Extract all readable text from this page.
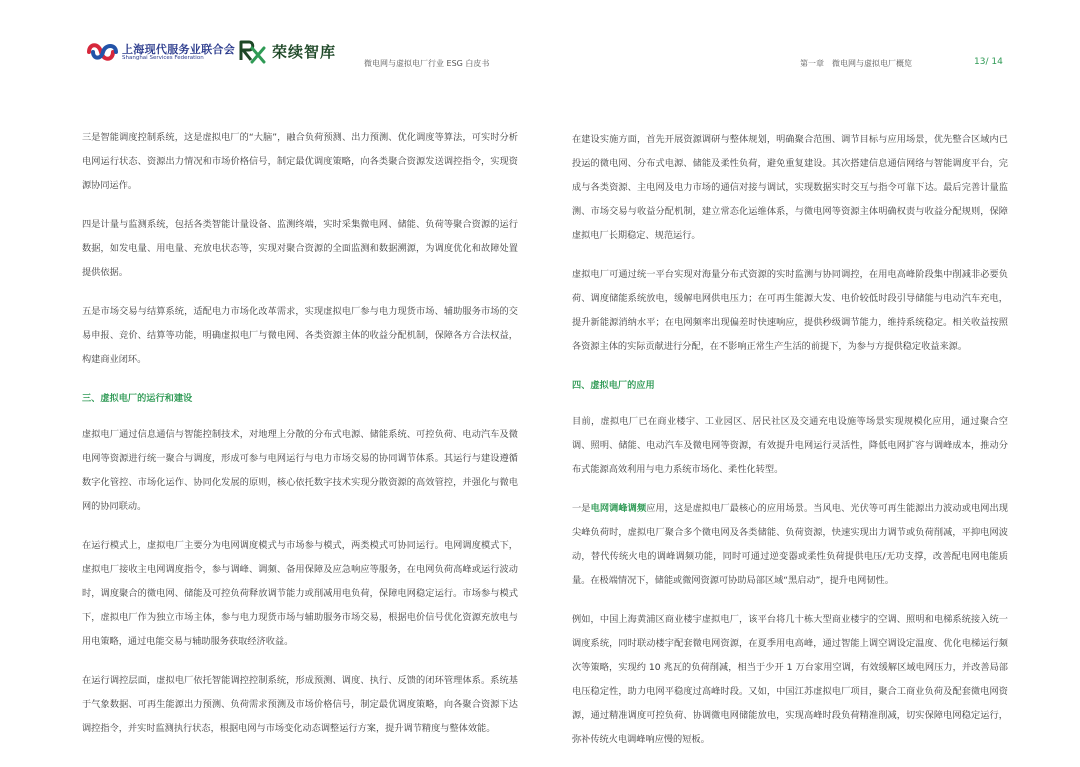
上海现代服务业联合会
Shanghai Services Federation	荣续智库
微电网与虚拟电厂行业 ESG 白皮书	第一章　微电网与虚拟电厂概览	13/ 14

三是智能调度控制系统，这是虚拟电厂的“大脑”，融合负荷预测、出力预测、优化调度等算法，可实时分析电网运行状态、资源出力情况和市场价格信号，制定最优调度策略，向各类聚合资源发送调控指令，实现资源协同运作。

四是计量与监测系统，包括各类智能计量设备、监测终端，实时采集微电网、储能、负荷等聚合资源的运行数据，如发电量、用电量、充放电状态等，实现对聚合资源的全面监测和数据溯源，为调度优化和故障处置提供依据。

五是市场交易与结算系统，适配电力市场化改革需求，实现虚拟电厂参与电力现货市场、辅助服务市场的交易申报、竞价、结算等功能，明确虚拟电厂与微电网、各类资源主体的收益分配机制，保障各方合法权益，构建商业闭环。

三、虚拟电厂的运行和建设

虚拟电厂通过信息通信与智能控制技术，对地理上分散的分布式电源、储能系统、可控负荷、电动汽车及微电网等资源进行统一聚合与调度，形成可参与电网运行与电力市场交易的协同调节体系。其运行与建设遵循数字化管控、市场化运作、协同化发展的原则，核心依托数字技术实现分散资源的高效管控，并强化与微电网的协同联动。

在运行模式上，虚拟电厂主要分为电网调度模式与市场参与模式，两类模式可协同运行。电网调度模式下，虚拟电厂接收主电网调度指令，参与调峰、调频、备用保障及应急响应等服务，在电网负荷高峰或运行波动时，调度聚合的微电网、储能及可控负荷释放调节能力或削减用电负荷，保障电网稳定运行。市场参与模式下，虚拟电厂作为独立市场主体，参与电力现货市场与辅助服务市场交易，根据电价信号优化资源充放电与用电策略，通过电能交易与辅助服务获取经济收益。

在运行调控层面，虚拟电厂依托智能调控控制系统，形成预测、调度、执行、反馈的闭环管理体系。系统基于气象数据、可再生能源出力预测、负荷需求预测及市场价格信号，制定最优调度策略，向各聚合资源下达调控指令，并实时监测执行状态，根据电网与市场变化动态调整运行方案，提升调节精度与整体效能。

在建设实施方面，首先开展资源调研与整体规划，明确聚合范围、调节目标与应用场景，优先整合区域内已投运的微电网、分布式电源、储能及柔性负荷，避免重复建设。其次搭建信息通信网络与智能调度平台，完成与各类资源、主电网及电力市场的通信对接与调试，实现数据实时交互与指令可靠下达。最后完善计量监测、市场交易与收益分配机制，建立常态化运维体系，与微电网等资源主体明确权责与收益分配规则，保障虚拟电厂长期稳定、规范运行。

虚拟电厂可通过统一平台实现对海量分布式资源的实时监测与协同调控，在用电高峰阶段集中削减非必要负荷、调度储能系统放电，缓解电网供电压力；在可再生能源大发、电价较低时段引导储能与电动汽车充电，提升新能源消纳水平；在电网频率出现偏差时快速响应，提供秒级调节能力，维持系统稳定。相关收益按照各资源主体的实际贡献进行分配，在不影响正常生产生活的前提下，为参与方提供稳定收益来源。

四、虚拟电厂的应用

目前，虚拟电厂已在商业楼宇、工业园区、居民社区及交通充电设施等场景实现规模化应用，通过聚合空调、照明、储能、电动汽车及微电网等资源，有效提升电网运行灵活性，降低电网扩容与调峰成本，推动分布式能源高效利用与电力系统市场化、柔性化转型。

一是电网调峰调频应用，这是虚拟电厂最核心的应用场景。当风电、光伏等可再生能源出力波动或电网出现尖峰负荷时，虚拟电厂聚合多个微电网及各类储能、负荷资源，快速实现出力调节或负荷削减，平抑电网波动，替代传统火电的调峰调频功能，同时可通过逆变器或柔性负荷提供电压/无功支撑，改善配电网电能质量。在极端情况下，储能或微网资源可协助局部区域“黑启动”，提升电网韧性。

例如，中国上海黄浦区商业楼宇虚拟电厂，该平台将几十栋大型商业楼宇的空调、照明和电梯系统接入统一调度系统，同时联动楼宇配套微电网资源，在夏季用电高峰，通过智能上调空调设定温度、优化电梯运行频次等策略，实现约 10 兆瓦的负荷削减，相当于少开 1 万台家用空调，有效缓解区域电网压力，并改善局部电压稳定性，助力电网平稳度过高峰时段。又如，中国江苏虚拟电厂项目，聚合工商业负荷及配套微电网资源，通过精准调度可控负荷、协调微电网储能放电，实现高峰时段负荷精准削减，切实保障电网稳定运行，弥补传统火电调峰响应慢的短板。
